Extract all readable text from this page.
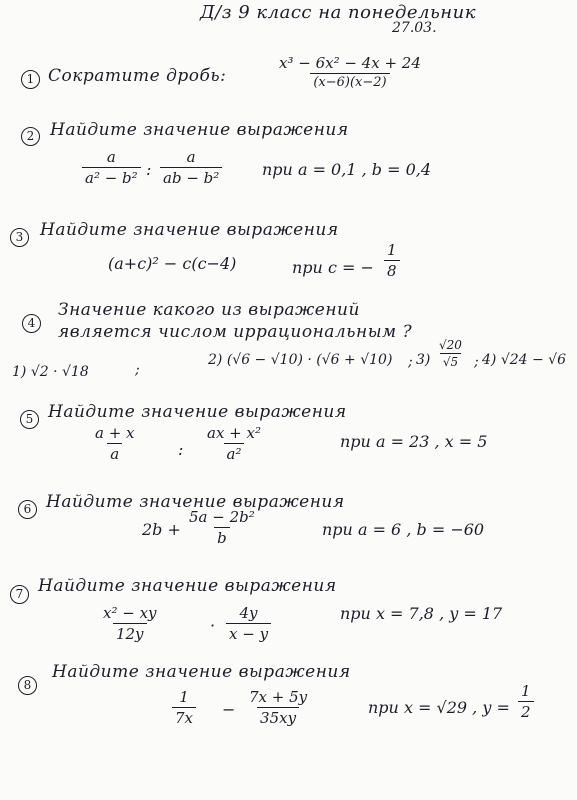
Д/з 9 класс на понедельник
27.03.
1 Сократите дробь:	$\frac{\text{x³ − 6x² − 4x + 24}}{(x-6)(x-2)}$
2 Найдите значение выражения
$\frac{a}{\text{a² − b²}}$ : $\frac{a}{\text{ab − b²}}$ при a = 0,1 , b = 0,4
3 Найдите значение выражения
(a+c)² − c(c−4)	при c = − $\frac{1}{8}$
4
Значение какого из выражений
является числом иррациональным ?
1) √2 · √18	;
2) (√6 − √10) · (√6 + √10) ; $3) \frac{√20}{√5}$ ; 4) √24 − √6
5 Найдите значение выражения
$\frac{a + x}{a}$	: $\frac{\text{ax + x²}}{\text{a²}}$	при a = 23 , x = 5
6 Найдите значение выражения
$2b + \frac{\text{5a − 2b²}}{b}$	при a = 6 , b = −60
7 Найдите значение выражения
$\frac{\text{x² − xy}}{12y}$	· $\frac{4y}{x - y}$	при x = 7,8 , y = 17
8
Найдите значение выражения
$\frac{1}{7x} - \frac{7x + 5y}{35xy}$	при x = √29 , $y = \frac{1}{2}$
